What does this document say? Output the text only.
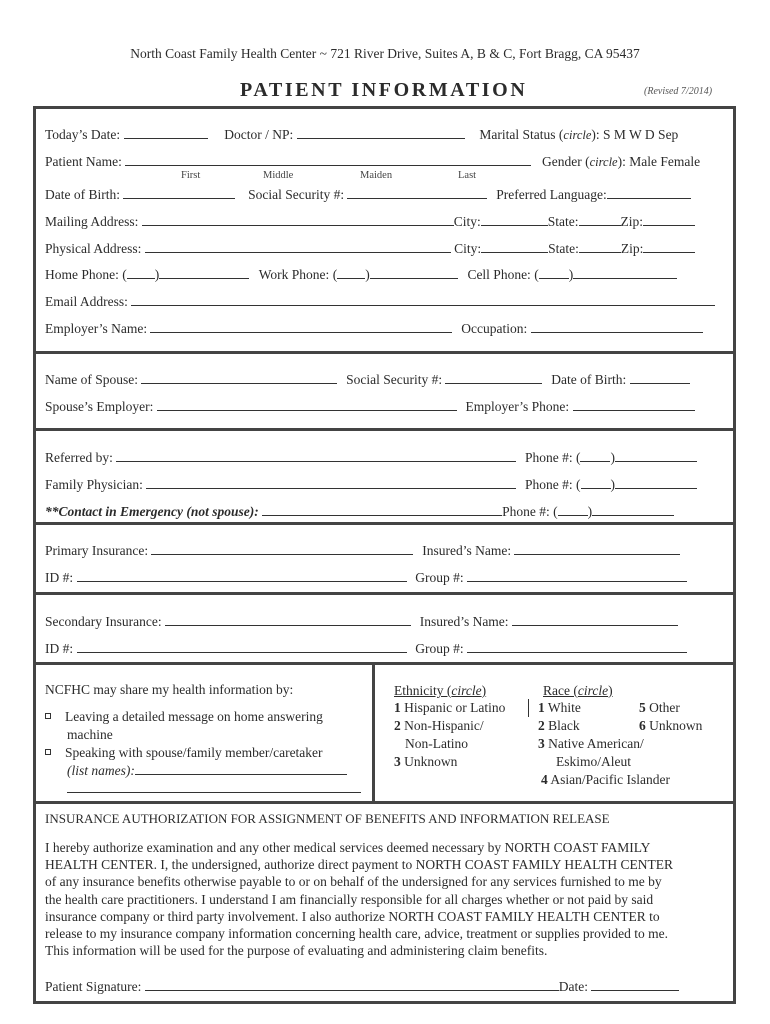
North Coast Family Health Center ~ 721 River Drive, Suites A, B & C, Fort Bragg, CA 95437
PATIENT INFORMATION	(Revised 7/2014)
Today’s Date:	Doctor / NP:	Marital Status (circle): S M W D Sep
Patient Name:	Gender (circle): Male Female
First	Middle	Maiden	Last
Date of Birth:	Social Security #:	Preferred Language:
Mailing Address:	City:	State:	Zip:
Physical Address:	City:	State:	Zip:
Home Phone: ( )	Work Phone: ( )	Cell Phone: ( )
Email Address:
Employer’s Name:	Occupation:
Name of Spouse:	Social Security #:	Date of Birth:
Spouse’s Employer:	Employer’s Phone:
Referred by:	Phone #: ( )
Family Physician:	Phone #: ( )
**Contact in Emergency (not spouse):	Phone #: ( )
Primary Insurance:	Insured’s Name:
ID #:	Group #:
Secondary Insurance:	Insured’s Name:
ID #:	Group #:
NCFHC may share my health information by:
Leaving a detailed message on home answering
machine
Speaking with spouse/family member/caretaker
(list names):
Ethnicity (circle)
1 Hispanic or Latino
2 Non-Hispanic/
Non-Latino
3 Unknown
Race (circle)
1 White	5 Other
2 Black	6 Unknown
3 Native American/
Eskimo/Aleut
4 Asian/Pacific Islander
INSURANCE AUTHORIZATION FOR ASSIGNMENT OF BENEFITS AND INFORMATION RELEASE
I hereby authorize examination and any other medical services deemed necessary by NORTH COAST FAMILY
HEALTH CENTER. I, the undersigned, authorize direct payment to NORTH COAST FAMILY HEALTH CENTER
of any insurance benefits otherwise payable to or on behalf of the undersigned for any services furnished to me by
the health care practitioners. I understand I am financially responsible for all charges whether or not paid by said
insurance company or third party involvement. I also authorize NORTH COAST FAMILY HEALTH CENTER to
release to my insurance company information concerning health care, advice, treatment or supplies provided to me.
This information will be used for the purpose of evaluating and administering claim benefits.
Patient Signature:	Date:
